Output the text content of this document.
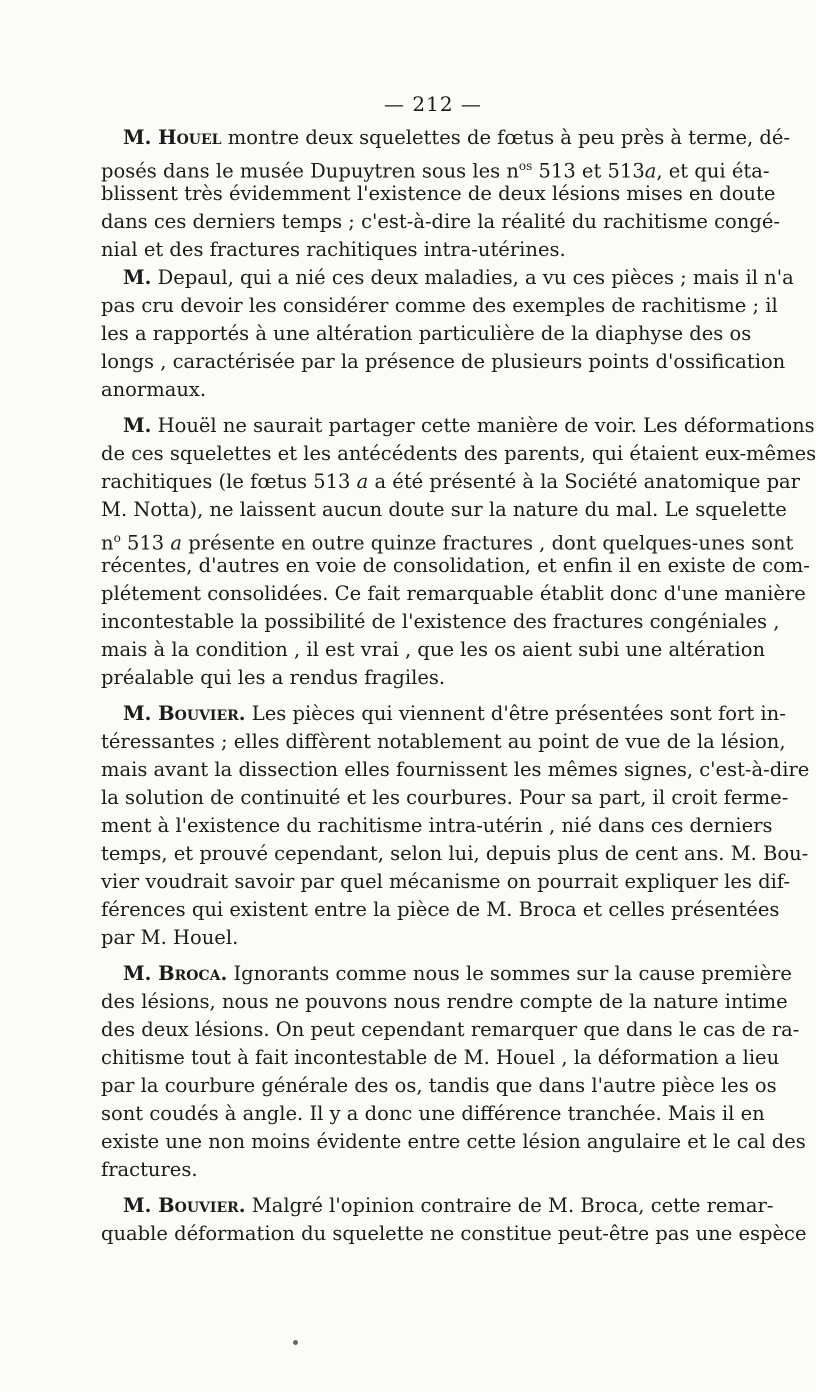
— 212 —
M. Houel montre deux squelettes de fœtus à peu près à terme, dé-
posés dans le musée Dupuytren sous les $n^{os}$ 513 et 513a, et qui éta-
blissent très évidemment l'existence de deux lésions mises en doute
dans ces derniers temps ; c'est-à-dire la réalité du rachitisme congé-
nial et des fractures rachitiques intra-utérines.
M. Depaul, qui a nié ces deux maladies, a vu ces pièces ; mais il n'a
pas cru devoir les considérer comme des exemples de rachitisme ; il
les a rapportés à une altération particulière de la diaphyse des os
longs , caractérisée par la présence de plusieurs points d'ossification
anormaux.
M. Houël ne saurait partager cette manière de voir. Les déformations
de ces squelettes et les antécédents des parents, qui étaient eux-mêmes
rachitiques (le fœtus 513 a a été présenté à la Société anatomique par
M. Notta), ne laissent aucun doute sur la nature du mal. Le squelette
$n^o$ 513 a présente en outre quinze fractures , dont quelques-unes sont
récentes, d'autres en voie de consolidation, et enfin il en existe de com-
plétement consolidées. Ce fait remarquable établit donc d'une manière
incontestable la possibilité de l'existence des fractures congéniales ,
mais à la condition , il est vrai , que les os aient subi une altération
préalable qui les a rendus fragiles.
M. Bouvier. Les pièces qui viennent d'être présentées sont fort in-
téressantes ; elles diffèrent notablement au point de vue de la lésion,
mais avant la dissection elles fournissent les mêmes signes, c'est-à-dire
la solution de continuité et les courbures. Pour sa part, il croit ferme-
ment à l'existence du rachitisme intra-utérin , nié dans ces derniers
temps, et prouvé cependant, selon lui, depuis plus de cent ans. M. Bou-
vier voudrait savoir par quel mécanisme on pourrait expliquer les dif-
férences qui existent entre la pièce de M. Broca et celles présentées
par M. Houel.
M. Broca. Ignorants comme nous le sommes sur la cause première
des lésions, nous ne pouvons nous rendre compte de la nature intime
des deux lésions. On peut cependant remarquer que dans le cas de ra-
chitisme tout à fait incontestable de M. Houel , la déformation a lieu
par la courbure générale des os, tandis que dans l'autre pièce les os
sont coudés à angle. Il y a donc une différence tranchée. Mais il en
existe une non moins évidente entre cette lésion angulaire et le cal des
fractures.
M. Bouvier. Malgré l'opinion contraire de M. Broca, cette remar-
quable déformation du squelette ne constitue peut-être pas une espèce
